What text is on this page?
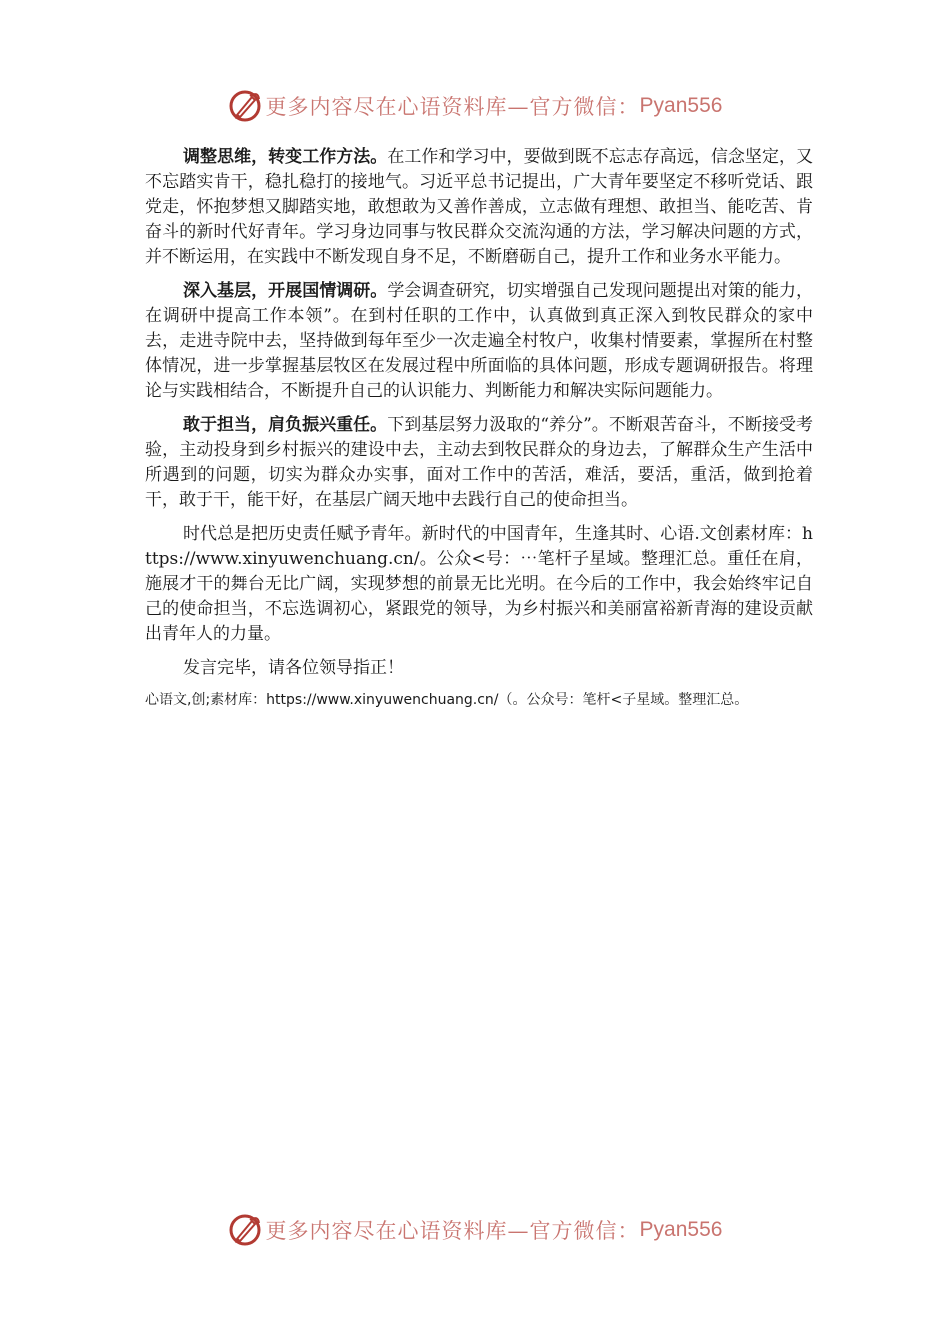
更多内容尽在心语资料库—官方微信： Pyan556

调整思维，转变工作方法。在工作和学习中，要做到既不忘志存高远，信念坚定，又不忘踏实肯干，稳扎稳打的接地气。习近平总书记提出，广大青年要坚定不移听党话、跟党走，怀抱梦想又脚踏实地，敢想敢为又善作善成，立志做有理想、敢担当、能吃苦、肯奋斗的新时代好青年。学习身边同事与牧民群众交流沟通的方法，学习解决问题的方式，并不断运用，在实践中不断发现自身不足，不断磨砺自己，提升工作和业务水平能力。

深入基层，开展国情调研。学会调查研究，切实增强自己发现问题提出对策的能力，在调研中提高工作本领”。在到村任职的工作中，认真做到真正深入到牧民群众的家中去，走进寺院中去，坚持做到每年至少一次走遍全村牧户，收集村情要素，掌握所在村整体情况，进一步掌握基层牧区在发展过程中所面临的具体问题，形成专题调研报告。将理论与实践相结合，不断提升自己的认识能力、判断能力和解决实际问题能力。

敢于担当，肩负振兴重任。下到基层努力汲取的“养分”。不断艰苦奋斗，不断接受考验，主动投身到乡村振兴的建设中去，主动去到牧民群众的身边去，了解群众生产生活中所遇到的问题，切实为群众办实事，面对工作中的苦活，难活，要活，重活，做到抢着干，敢于干，能干好，在基层广阔天地中去践行自己的使命担当。

时代总是把历史责任赋予青年。新时代的中国青年，生逢其时、心语.文创素材库：https://www.xinyuwenchuang.cn/。公众<号：⋯笔杆子星域。整理汇总。重任在肩，施展才干的舞台无比广阔，实现梦想的前景无比光明。在今后的工作中，我会始终牢记自己的使命担当，不忘选调初心，紧跟党的领导，为乡村振兴和美丽富裕新青海的建设贡献出青年人的力量。

发言完毕，请各位领导指正！

心语文,创;素材库：https://www.xinyuwenchuang.cn/（。公众号：笔杆<子星域。整理汇总。

更多内容尽在心语资料库—官方微信： Pyan556
